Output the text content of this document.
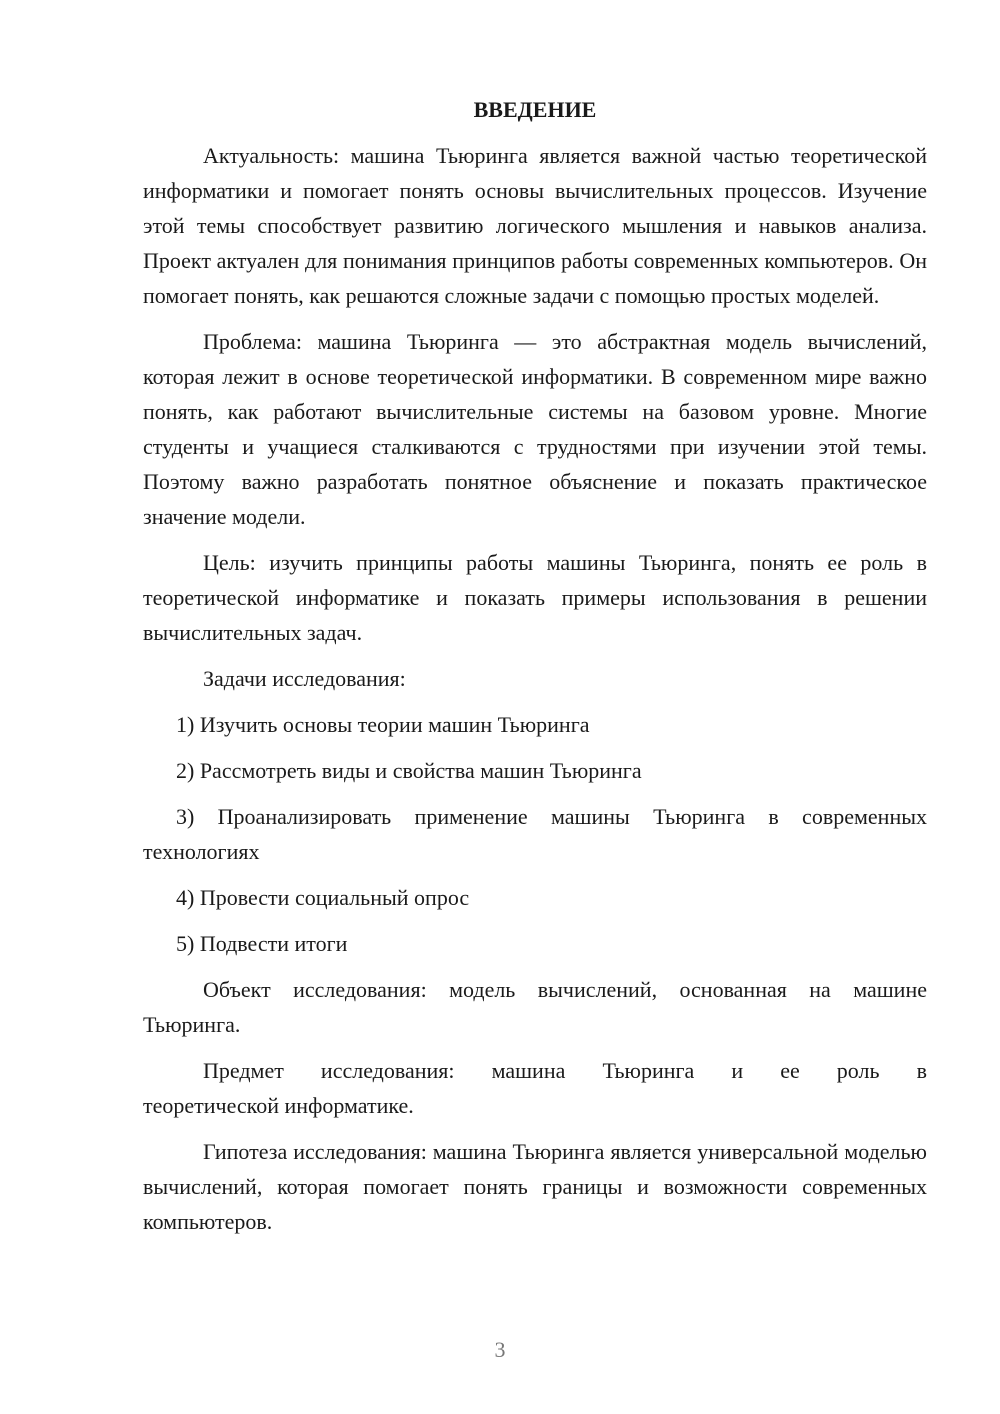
ВВЕДЕНИЕ

Актуальность: машина Тьюринга является важной частью теоретической информатики и помогает понять основы вычислительных процессов. Изучение этой темы способствует развитию логического мышления и навыков анализа. Проект актуален для понимания принципов работы современных компьютеров. Он помогает понять, как решаются сложные задачи с помощью простых моделей.

Проблема: машина Тьюринга — это абстрактная модель вычислений, которая лежит в основе теоретической информатики. В современном мире важно понять, как работают вычислительные системы на базовом уровне. Многие студенты и учащиеся сталкиваются с трудностями при изучении этой темы. Поэтому важно разработать понятное объяснение и показать практическое значение модели.

Цель: изучить принципы работы машины Тьюринга, понять ее роль в теоретической информатике и показать примеры использования в решении вычислительных задач.

Задачи исследования:

1) Изучить основы теории машин Тьюринга

2) Рассмотреть виды и свойства машин Тьюринга

3) Проанализировать применение машины Тьюринга в современных технологиях

4) Провести социальный опрос

5) Подвести итоги

Объект исследования: модель вычислений, основанная на машине Тьюринга.

Предмет исследования: машина Тьюринга и ее роль в
теоретической информатике.

Гипотеза исследования: машина Тьюринга является универсальной моделью вычислений, которая помогает понять границы и возможности современных компьютеров.

3
